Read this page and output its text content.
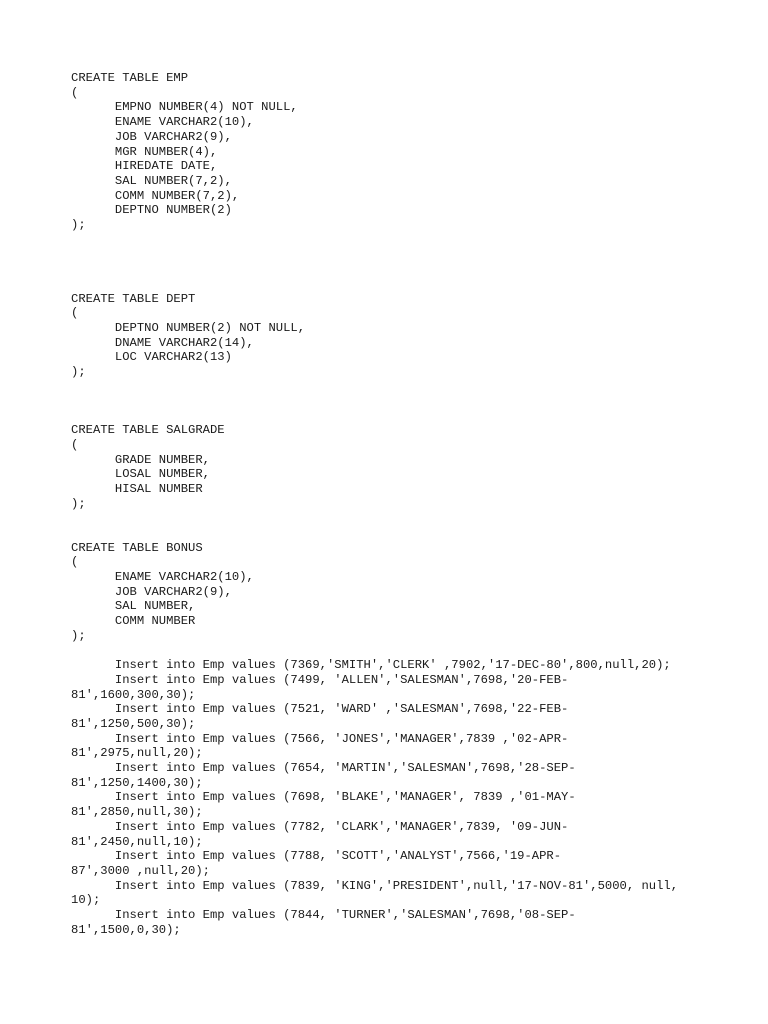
CREATE TABLE EMP

(

EMPNO NUMBER(4) NOT NULL,

ENAME VARCHAR2(10),

JOB VARCHAR2(9),

MGR NUMBER(4),

HIREDATE DATE,

SAL NUMBER(7,2),

COMM NUMBER(7,2),

DEPTNO NUMBER(2)

);

CREATE TABLE DEPT

(

DEPTNO NUMBER(2) NOT NULL,

DNAME VARCHAR2(14),

LOC VARCHAR2(13)

);

CREATE TABLE SALGRADE

(

GRADE NUMBER,

LOSAL NUMBER,

HISAL NUMBER

);

CREATE TABLE BONUS

(

ENAME VARCHAR2(10),

JOB VARCHAR2(9),

SAL NUMBER,

COMM NUMBER

);

Insert into Emp values (7369,'SMITH','CLERK' ,7902,'17-DEC-80',800,null,20);

Insert into Emp values (7499, 'ALLEN','SALESMAN',7698,'20-FEB-

81',1600,300,30);

Insert into Emp values (7521, 'WARD' ,'SALESMAN',7698,'22-FEB-

81',1250,500,30);

Insert into Emp values (7566, 'JONES','MANAGER',7839 ,'02-APR-

81',2975,null,20);

Insert into Emp values (7654, 'MARTIN','SALESMAN',7698,'28-SEP-

81',1250,1400,30);

Insert into Emp values (7698, 'BLAKE','MANAGER', 7839 ,'01-MAY-

81',2850,null,30);

Insert into Emp values (7782, 'CLARK','MANAGER',7839, '09-JUN-

81',2450,null,10);

Insert into Emp values (7788, 'SCOTT','ANALYST',7566,'19-APR-

87',3000 ,null,20);

Insert into Emp values (7839, 'KING','PRESIDENT',null,'17-NOV-81',5000, null,

10);

Insert into Emp values (7844, 'TURNER','SALESMAN',7698,'08-SEP-

81',1500,0,30);
